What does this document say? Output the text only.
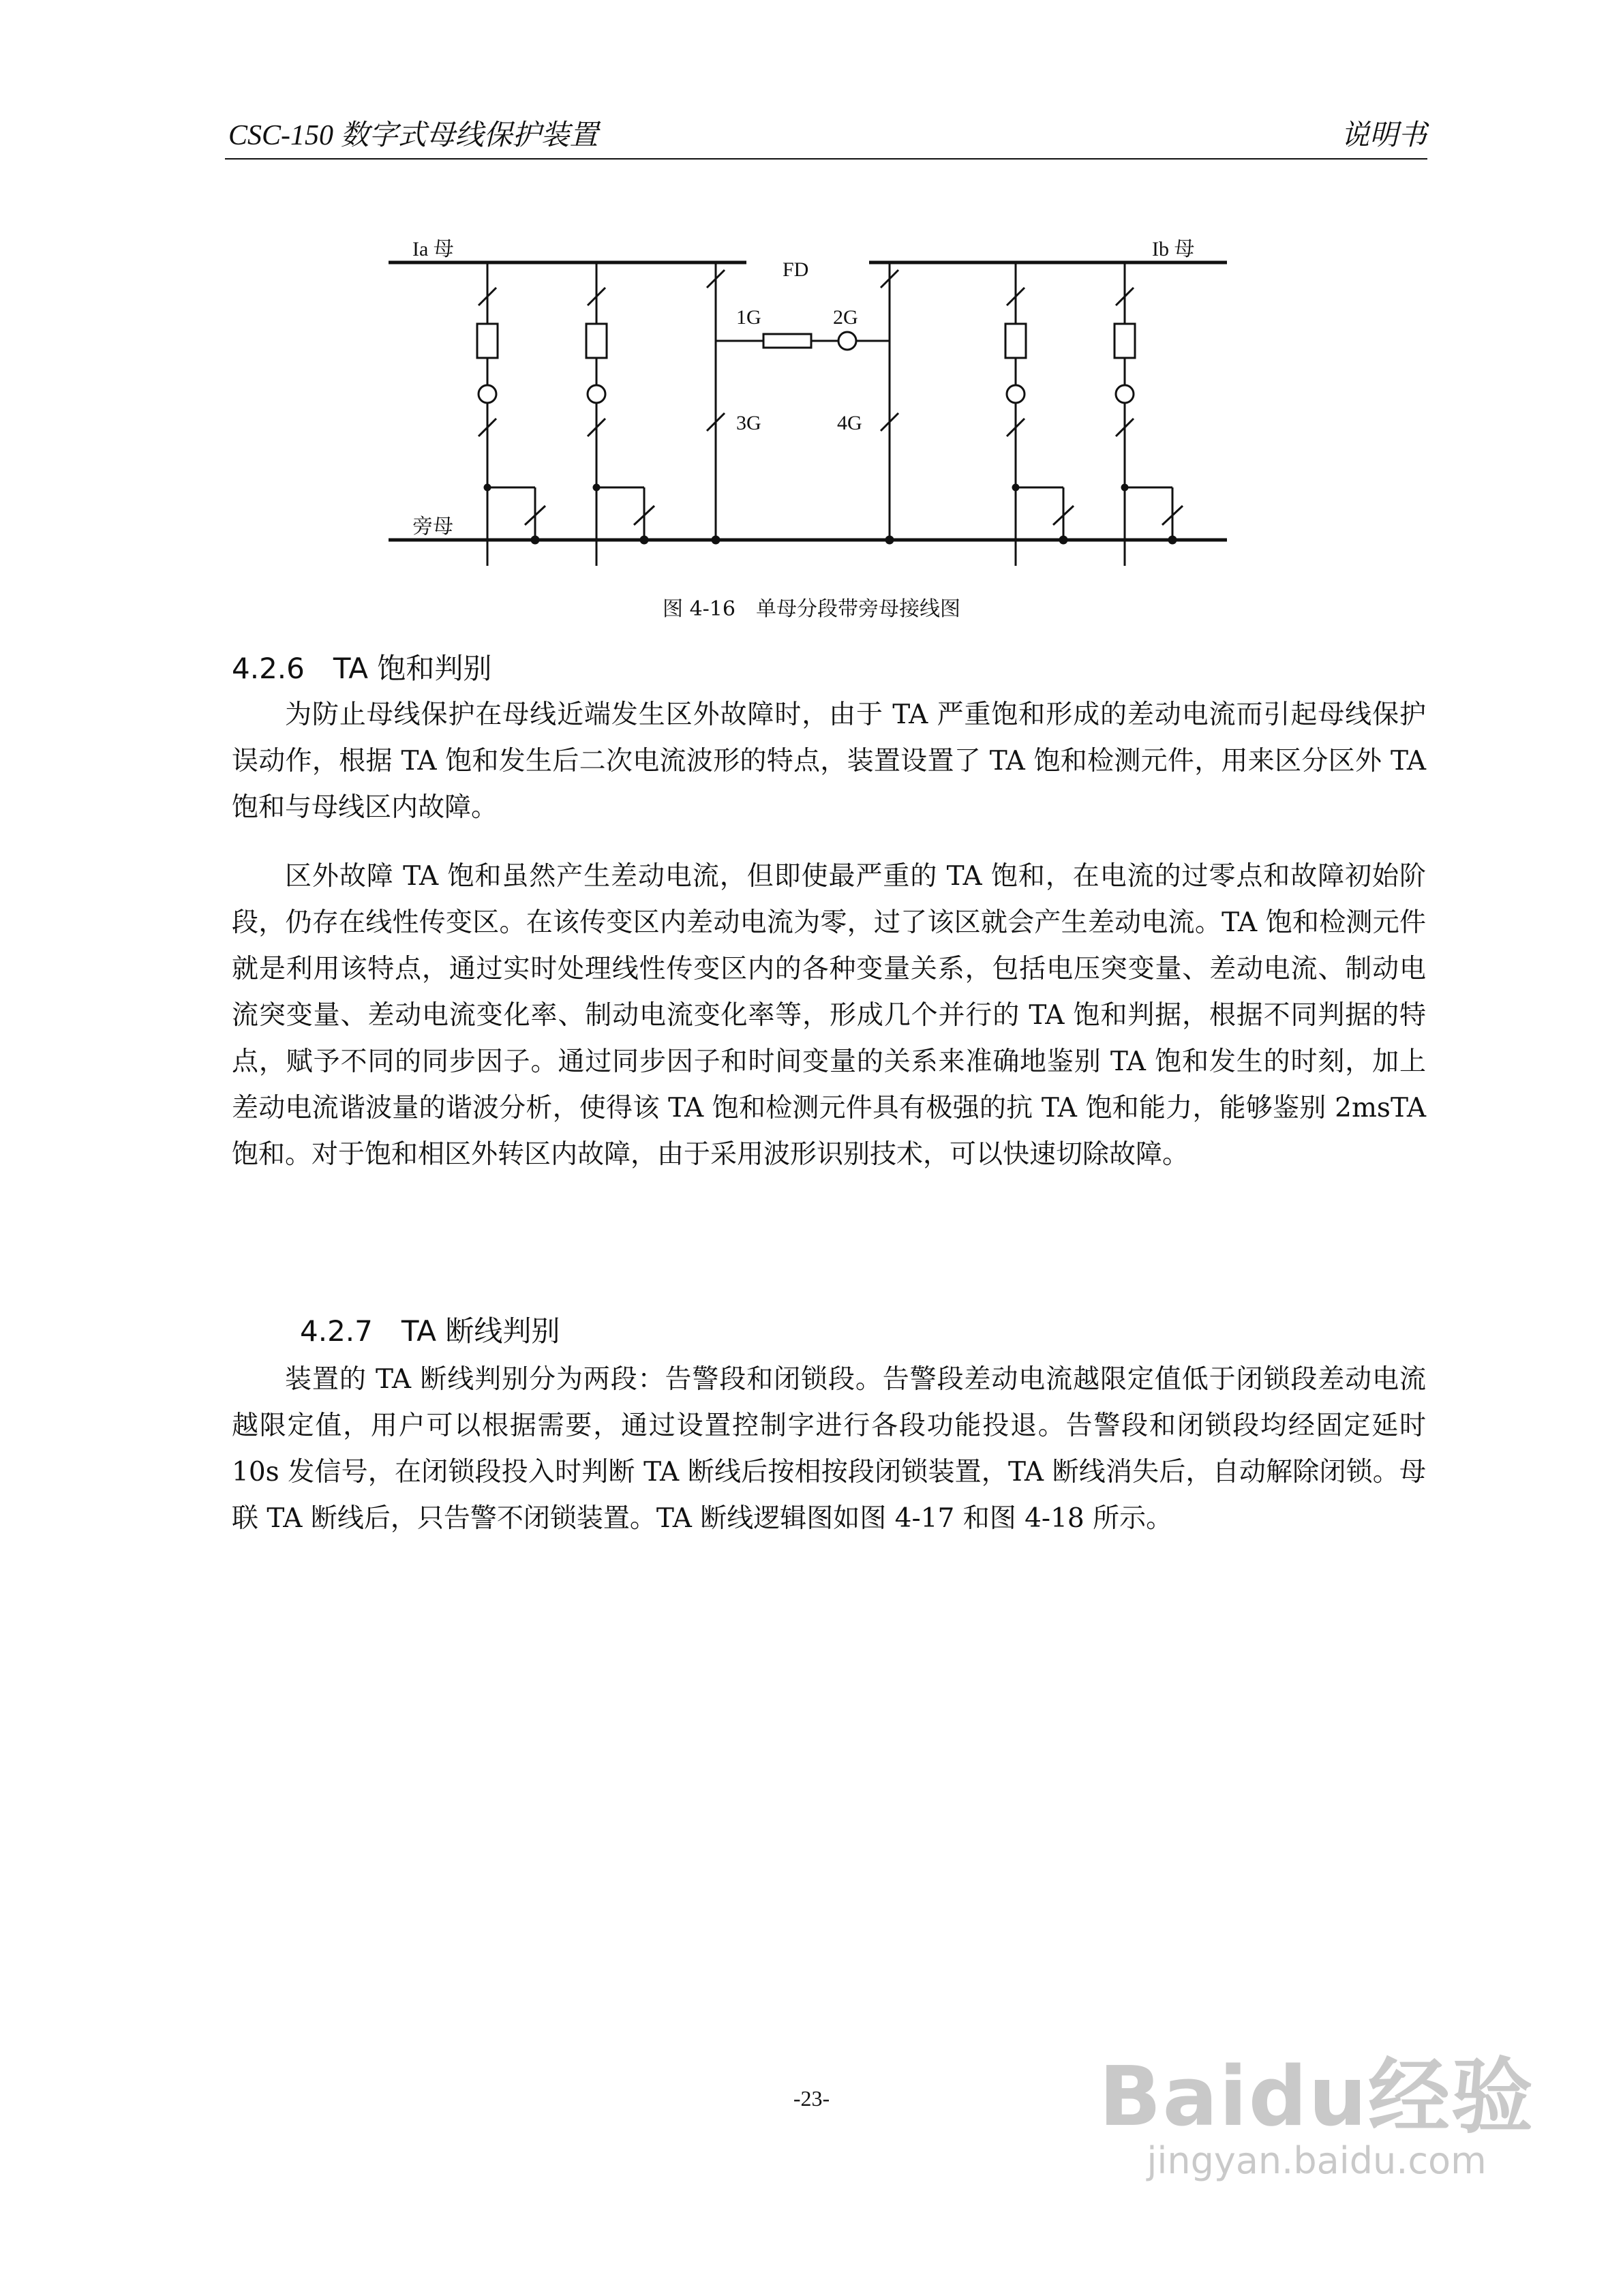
CSC-150 数字式母线保护装置	说明书
Ia 母	Ib 母
旁母
FD
1G	2G
3G	4G
图 4-16　单母分段带旁母接线图
4.2.6　TA 饱和判别

为防止母线保护在母线近端发生区外故障时，由于 TA 严重饱和形成的差动电流而引起母线保护误动作，根据 TA 饱和发生后二次电流波形的特点，装置设置了 TA 饱和检测元件，用来区分区外 TA 饱和与母线区内故障。

区外故障 TA 饱和虽然产生差动电流，但即使最严重的 TA 饱和，在电流的过零点和故障初始阶段，仍存在线性传变区。在该传变区内差动电流为零，过了该区就会产生差动电流。TA 饱和检测元件就是利用该特点，通过实时处理线性传变区内的各种变量关系，包括电压突变量、差动电流、制动电流突变量、差动电流变化率、制动电流变化率等，形成几个并行的 TA 饱和判据，根据不同判据的特点，赋予不同的同步因子。通过同步因子和时间变量的关系来准确地鉴别 TA 饱和发生的时刻，加上差动电流谐波量的谐波分析，使得该 TA 饱和检测元件具有极强的抗 TA 饱和能力，能够鉴别 2msTA 饱和。对于饱和相区外转区内故障，由于采用波形识别技术，可以快速切除故障。

4.2.7　TA 断线判别

装置的 TA 断线判别分为两段：告警段和闭锁段。告警段差动电流越限定值低于闭锁段差动电流越限定值，用户可以根据需要，通过设置控制字进行各段功能投退。告警段和闭锁段均经固定延时 10s 发信号，在闭锁段投入时判断 TA 断线后按相按段闭锁装置，TA 断线消失后，自动解除闭锁。母联 TA 断线后，只告警不闭锁装置。TA 断线逻辑图如图 4-17 和图 4-18 所示。

-23-	Baidu经验
jingyan.baidu.com
